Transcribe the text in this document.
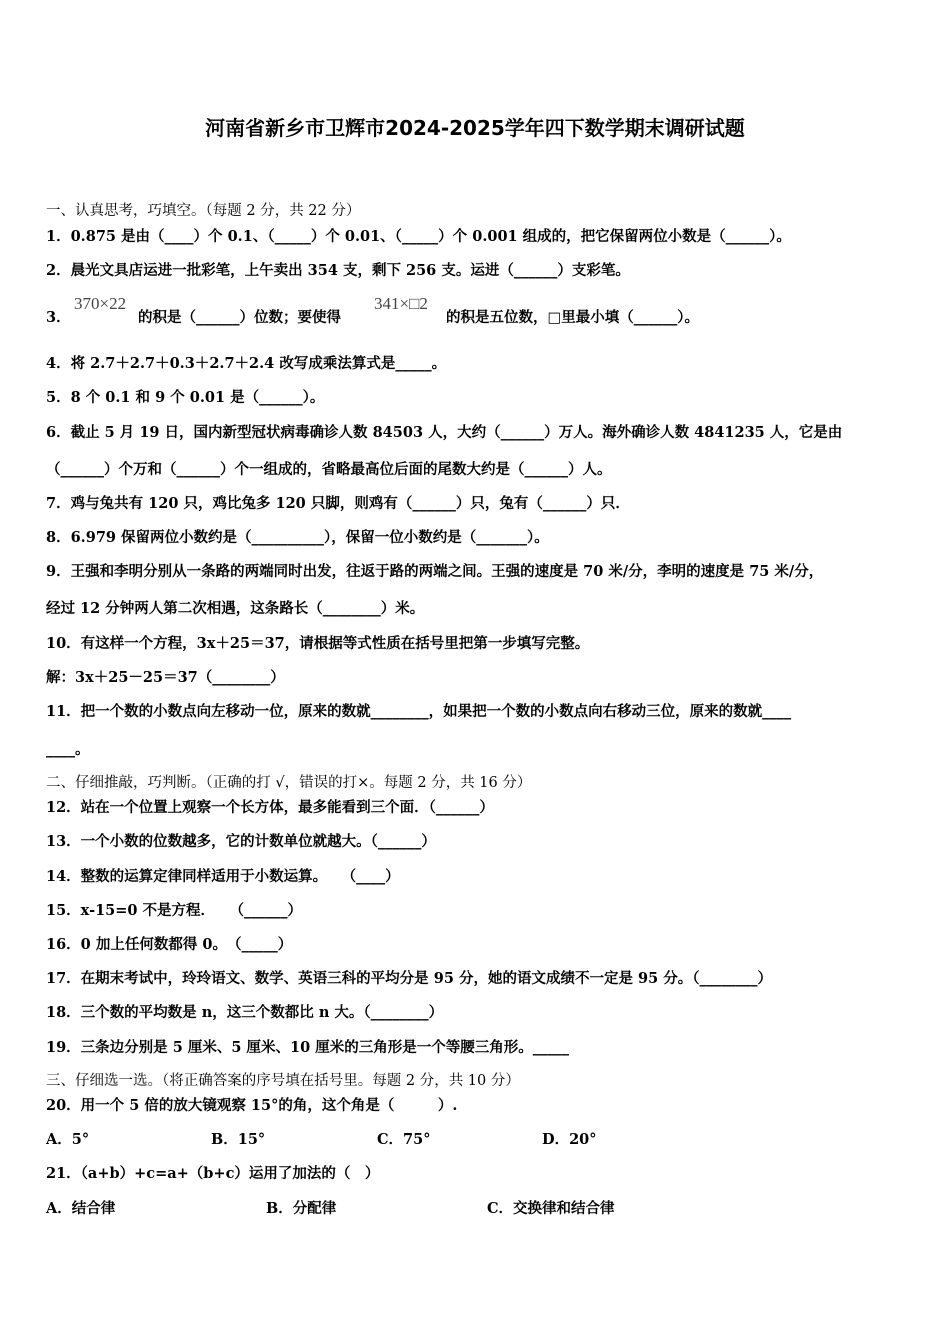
河南省新乡市卫辉市2024-2025学年四下数学期末调研试题
一、认真思考，巧填空。（每题 2 分，共 22 分）
1．0.875 是由（____）个 0.1、（_____）个 0.01、（_____）个 0.001 组成的，把它保留两位小数是（______）。
2．晨光文具店运进一批彩笔，上午卖出 354 支，剩下 256 支。运进（______）支彩笔。
3．
370×22
的积是（______）位数；要使得
341×□2
的积是五位数，□里最小填（______）。
4．将 2.7＋2.7＋0.3＋2.7＋2.4 改写成乘法算式是_____。
5．8 个 0.1 和 9 个 0.01 是（______）。
6．截止 5 月 19 日，国内新型冠状病毒确诊人数 84503 人，大约（______）万人。海外确诊人数 4841235 人，它是由
（______）个万和（______）个一组成的，省略最高位后面的尾数大约是（______）人。
7．鸡与兔共有 120 只，鸡比兔多 120 只脚，则鸡有（______）只，兔有（______）只．
8．6.979 保留两位小数约是（__________），保留一位小数约是（_______）。
9．王强和李明分别从一条路的两端同时出发，往返于路的两端之间。王强的速度是 70 米/分，李明的速度是 75 米/分，
经过 12 分钟两人第二次相遇，这条路长（________）米。
10．有这样一个方程，3x＋25＝37，请根据等式性质在括号里把第一步填写完整。
解：3x＋25－25＝37（________）
11．把一个数的小数点向左移动一位，原来的数就________，如果把一个数的小数点向右移动三位，原来的数就____
____。
二、仔细推敲，巧判断。（正确的打 √，错误的打×。每题 2 分，共 16 分）
12．站在一个位置上观察一个长方体，最多能看到三个面．（______）
13．一个小数的位数越多，它的计数单位就越大。（______）
14．整数的运算定律同样适用于小数运算。　　（____）
15．x-15=0 不是方程．　　（______）
16．0 加上任何数都得 0。　（_____）
17．在期末考试中，玲玲语文、数学、英语三科的平均分是 95 分，她的语文成绩不一定是 95 分。（________）
18．三个数的平均数是 n，这三个数都比 n 大。（________）
19．三条边分别是 5 厘米、5 厘米、10 厘米的三角形是一个等腰三角形。_____
三、仔细选一选。（将正确答案的序号填在括号里。每题 2 分，共 10 分）
20．用一个 5 倍的放大镜观察 15°的角，这个角是（　　　）.
A．5°	B．15°	C．75°	D．20°
21．（a+b）+c=a+（b+c）运用了加法的（　）
A．结合律	B．分配律	C．交换律和结合律
